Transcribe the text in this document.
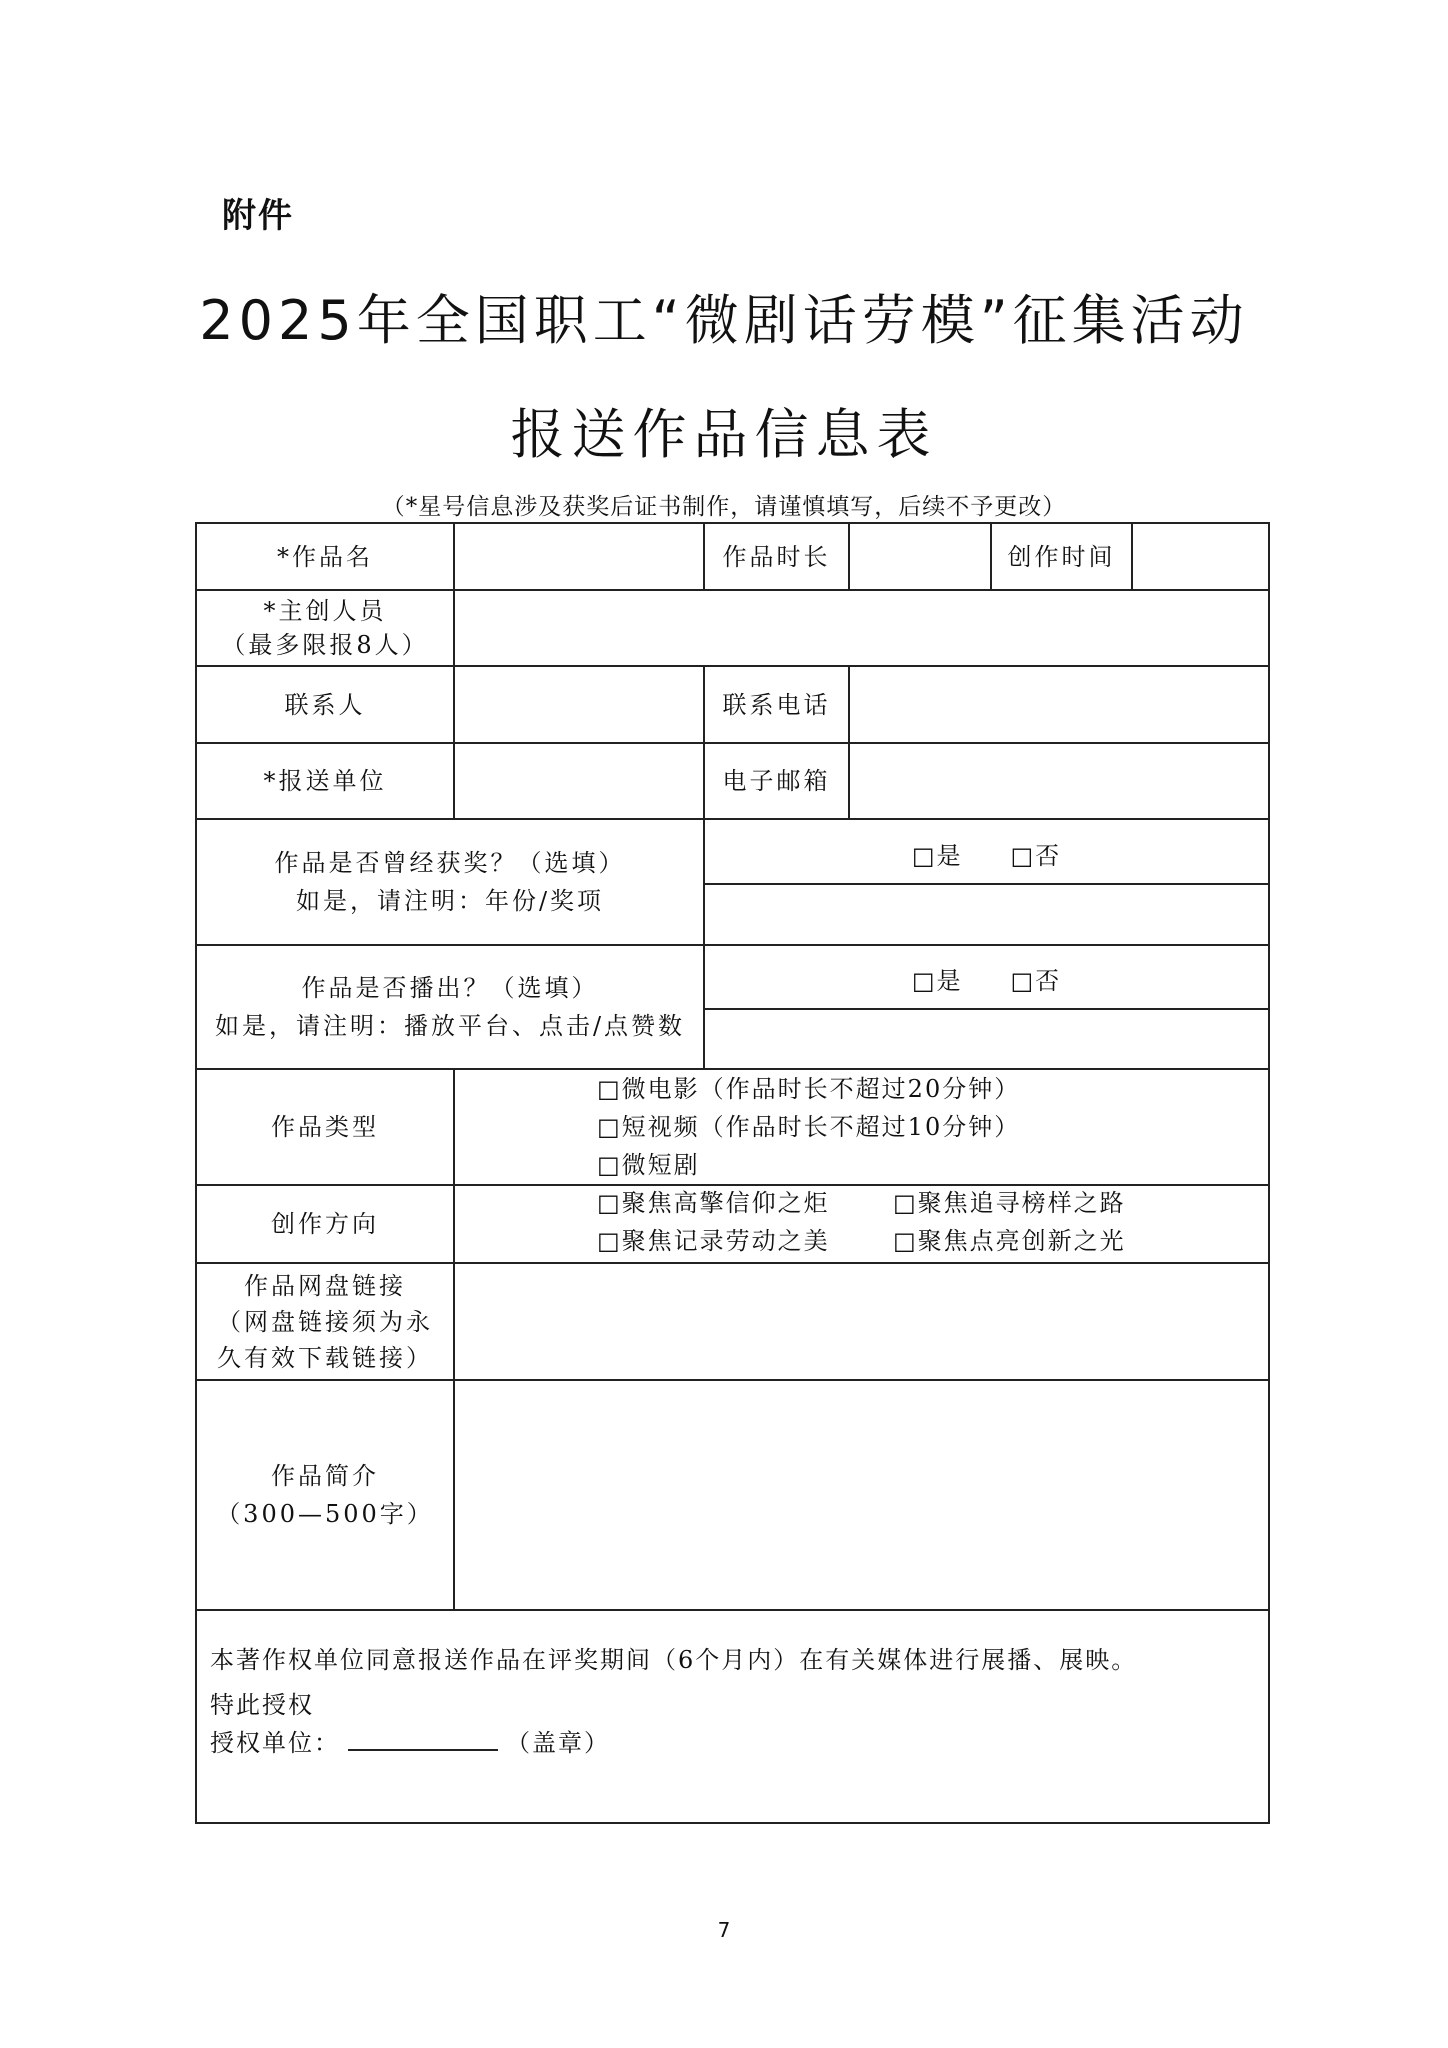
附件
2025年全国职工“微剧话劳模”征集活动
报送作品信息表
（*星号信息涉及获奖后证书制作，请谨慎填写，后续不予更改）
*作品名	作品时长	创作时间
*主创人员
（最多限报8人）
联系人	联系电话
*报送单位	电子邮箱
作品是否曾经获奖？（选填）
如是，请注明：年份/奖项
□是 □否
作品是否播出？（选填）
如是，请注明：播放平台、点击/点赞数
□是 □否
作品类型
□微电影（作品时长不超过20分钟）
□短视频（作品时长不超过10分钟）
□微短剧
创作方向
□聚焦高擎信仰之炬	□聚焦追寻榜样之路
□聚焦记录劳动之美	□聚焦点亮创新之光
作品网盘链接
（网盘链接须为永
久有效下载链接）
作品简介
（300—500字）
本著作权单位同意报送作品在评奖期间（6个月内）在有关媒体进行展播、展映。
特此授权
授权单位：	（盖章）
7
